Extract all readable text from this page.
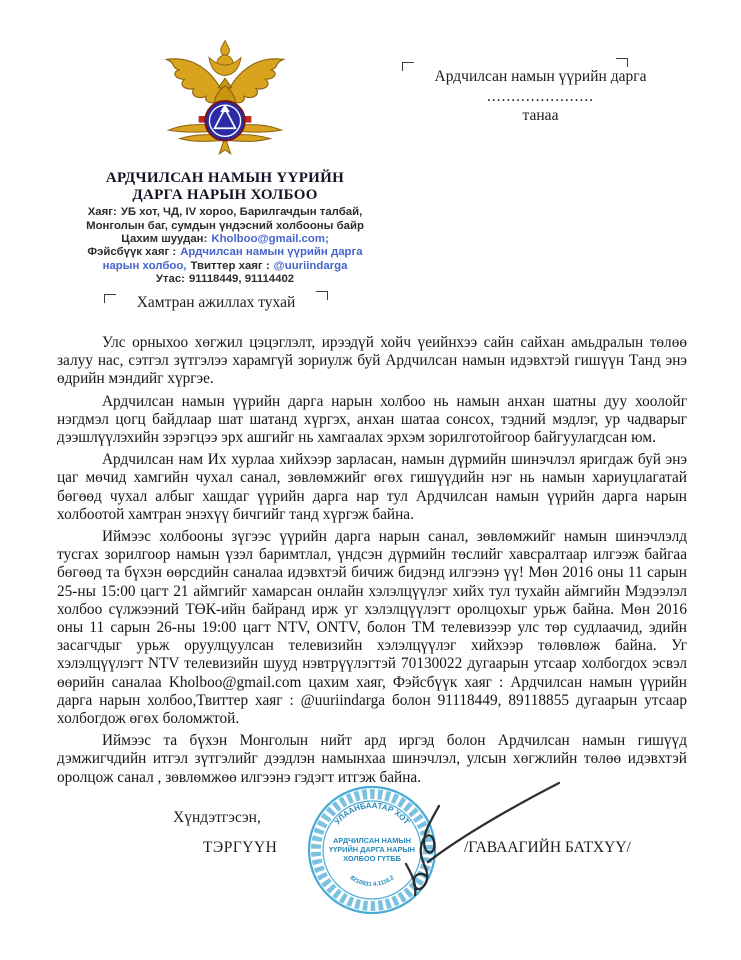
АРДЧИЛСАН НАМЫН ҮҮРИЙН
ДАРГА НАРЫН ХОЛБОО
Хаяг: УБ хот, ЧД, IV хороо, Барилгачдын талбай,
Монголын баг, сумдын үндэсний холбооны байр
Цахим шуудан: Kholboo@gmail.com;
Фэйсбүүк хаяг : Ардчилсан намын үүрийн дарга
нарын холбоо, Твиттер хаяг : @uuriindarga
Утас: 91118449, 91114402
Ардчилсан намын үүрийн дарга
......................
танаа
Хамтран ажиллах тухай

Улс орныхоо хөгжил цэцэглэлт, ирээдүй хойч үеийнхээ сайн сайхан амьдралын төлөө залуу нас, сэтгэл зүтгэлээ харамгүй зориулж буй Ардчилсан намын идэвхтэй гишүүн Танд энэ өдрийн мэндийг хүргэе.

Ардчилсан намын үүрийн дарга нарын холбоо нь намын анхан шатны дуу хоолойг нэгдмэл цогц байдлаар шат шатанд хүргэх, анхан шатаа сонсох, тэдний мэдлэг, ур чадварыг дээшлүүлэхийн зэрэгцээ эрх ашгийг нь хамгаалах эрхэм зорилготойгоор байгуулагдсан юм.

Ардчилсан нам Их хурлаа хийхээр зарласан, намын дүрмийн шинэчлэл яригдаж буй энэ цаг мөчид хамгийн чухал санал, зөвлөмжийг өгөх гишүүдийн нэг нь намын хариуцлагатай бөгөөд чухал албыг хашдаг үүрийн дарга нар тул Ардчилсан намын үүрийн дарга нарын холбоотой хамтран энэхүү бичгийг танд хүргэж байна.

Иймээс холбооны зүгээс үүрийн дарга нарын санал, зөвлөмжийг намын шинэчлэлд тусгах зорилгоор намын үзэл баримтлал, үндсэн дүрмийн төслийг хавсралтаар илгээж байгаа бөгөөд та бүхэн өөрсдийн саналаа идэвхтэй бичиж бидэнд илгээнэ үү! Мөн 2016 оны 11 сарын 25-ны 15:00 цагт 21 аймгийг хамарсан онлайн хэлэлцүүлэг хийх тул тухайн аймгийн Мэдээлэл холбоо сүлжээний ТӨК-ийн байранд ирж уг хэлэлцүүлэгт оролцохыг урьж байна. Мөн 2016 оны 11 сарын 26-ны 19:00 цагт NTV, ONTV, болон TM телевизээр улс төр судлаачид, эдийн засагчдыг урьж оруулцуулсан телевизийн хэлэлцүүлэг хийхээр төлөвлөж байна. Уг хэлэлцүүлэгт NTV телевизийн шууд нэвтрүүлэгтэй 70130022 дугаарын утсаар холбогдох эсвэл өөрийн саналаа Kholboo@gmail.com цахим хаяг, Фэйсбүүк хаяг : Ардчилсан намын үүрийн дарга нарын холбоо,Твиттер хаяг : @uuriindarga болон 91118449, 89118855 дугаарын утсаар холбогдож өгөх боломжтой.

Иймээс та бүхэн Монголын нийт ард иргэд болон Ардчилсан намын гишүүд дэмжигчдийн итгэл зүтгэлийг дээдлэн намынхаа шинэчлэл, улсын хөгжлийн төлөө идэвхтэй оролцож санал , зөвлөмжөө илгээнэ гэдэгт итгэж байна.

Хүндэтгэсэн,
ТЭРГҮҮН	/ГАВААГИЙН БАТХҮҮ/
УЛААНБААТАР ХОТ
АРДЧИЛСАН НАМЫН
ҮҮРИЙН ДАРГА НАРЫН
ХОЛБОО ГҮТББ
8210931 4.1116.2
